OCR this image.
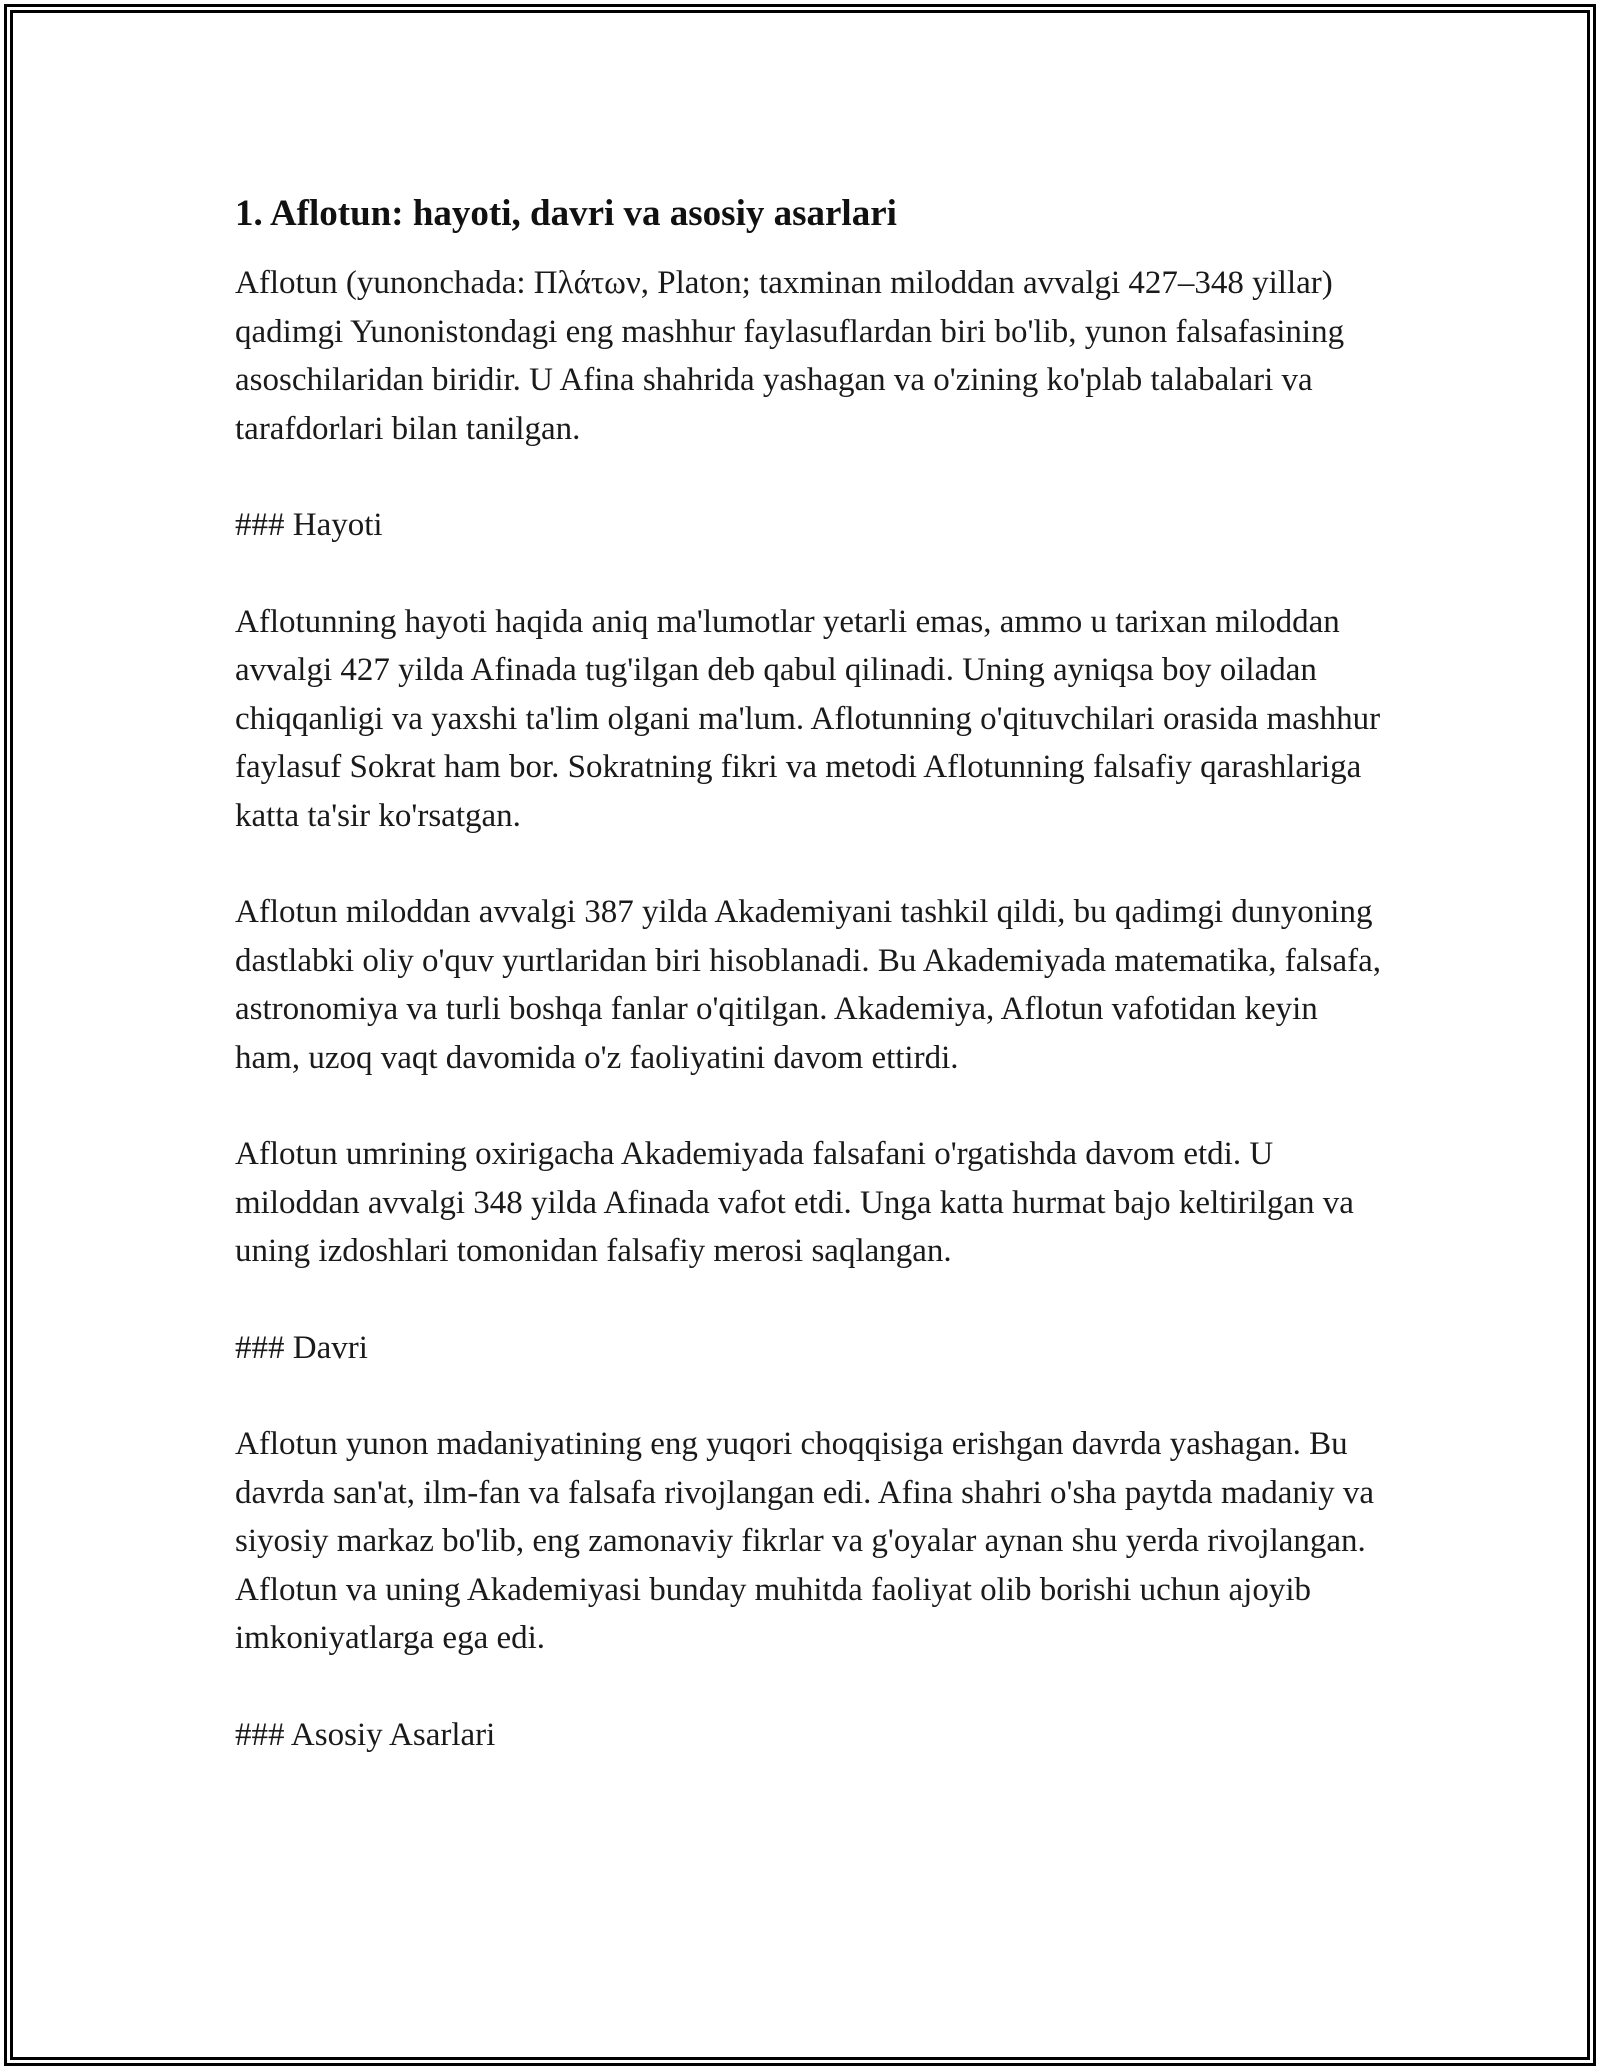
1. Aflotun: hayoti, davri va asosiy asarlari

Aflotun (yunonchada: Πλάτων, Platon; taxminan miloddan avvalgi 427–348 yillar) qadimgi Yunonistondagi eng mashhur faylasuflardan biri bo'lib, yunon falsafasining asoschilaridan biridir. U Afina shahrida yashagan va o'zining ko'plab talabalari va tarafdorlari bilan tanilgan.

### Hayoti

Aflotunning hayoti haqida aniq ma'lumotlar yetarli emas, ammo u tarixan miloddan avvalgi 427 yilda Afinada tug'ilgan deb qabul qilinadi. Uning ayniqsa boy oiladan chiqqanligi va yaxshi ta'lim olgani ma'lum. Aflotunning o'qituvchilari orasida mashhur faylasuf Sokrat ham bor. Sokratning fikri va metodi Aflotunning falsafiy qarashlariga katta ta'sir ko'rsatgan.

Aflotun miloddan avvalgi 387 yilda Akademiyani tashkil qildi, bu qadimgi dunyoning dastlabki oliy o'quv yurtlaridan biri hisoblanadi. Bu Akademiyada matematika, falsafa, astronomiya va turli boshqa fanlar o'qitilgan. Akademiya, Aflotun vafotidan keyin ham, uzoq vaqt davomida o'z faoliyatini davom ettirdi.

Aflotun umrining oxirigacha Akademiyada falsafani o'rgatishda davom etdi. U miloddan avvalgi 348 yilda Afinada vafot etdi. Unga katta hurmat bajo keltirilgan va uning izdoshlari tomonidan falsafiy merosi saqlangan.

### Davri

Aflotun yunon madaniyatining eng yuqori choqqisiga erishgan davrda yashagan. Bu davrda san'at, ilm-fan va falsafa rivojlangan edi. Afina shahri o'sha paytda madaniy va siyosiy markaz bo'lib, eng zamonaviy fikrlar va g'oyalar aynan shu yerda rivojlangan. Aflotun va uning Akademiyasi bunday muhitda faoliyat olib borishi uchun ajoyib imkoniyatlarga ega edi.

### Asosiy Asarlari
